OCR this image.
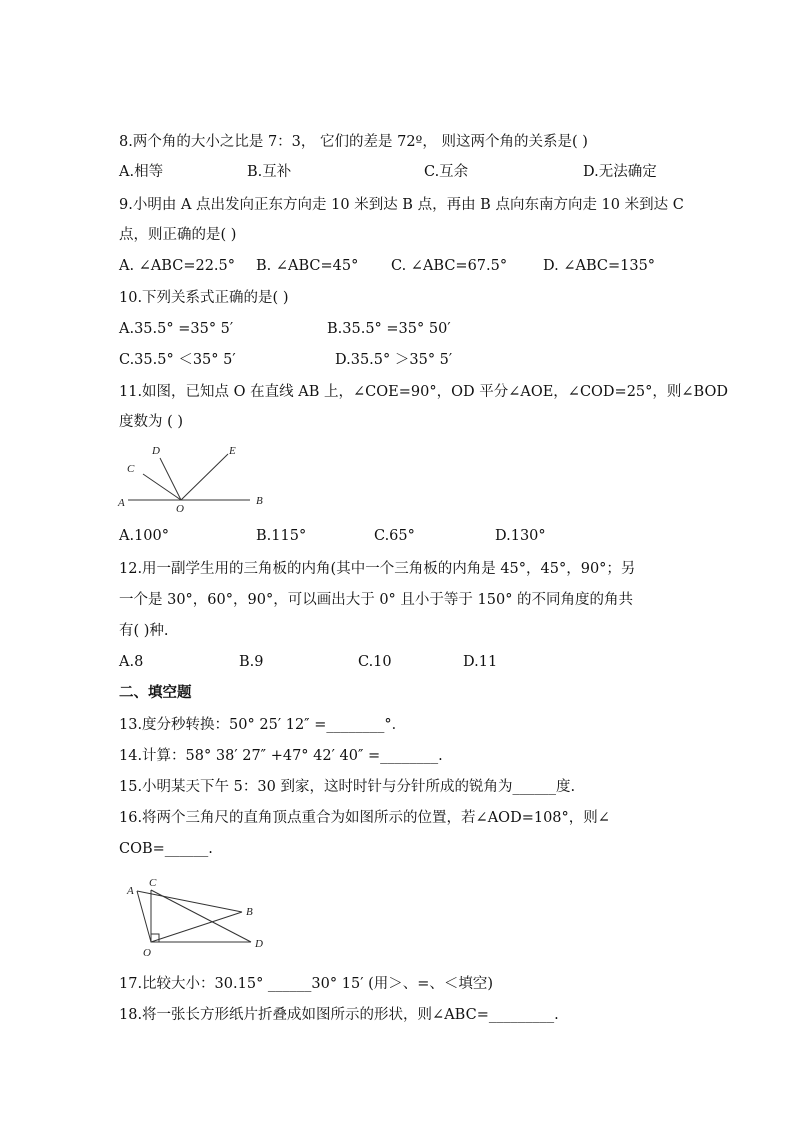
8.两个角的大小之比是 7：3， 它们的差是 72º， 则这两个角的关系是( )
A.相等	B.互补	C.互余	D.无法确定
9.小明由 A 点出发向正东方向走 10 米到达 B 点，再由 B 点向东南方向走 10 米到达 C
点，则正确的是( )
A. ∠ABC=22.5° B. ∠ABC=45° C. ∠ABC=67.5° D. ∠ABC=135°
10.下列关系式正确的是( )
A.35.5° =35° 5′	B.35.5° =35° 50′
C.35.5° ＜35° 5′	D.35.5° ＞35° 5′
11.如图，已知点 O 在直线 AB 上，∠COE=90°，OD 平分∠AOE，∠COD=25°，则∠BOD
度数为 ( )
A	B
C
D	E
O
A.100°	B.115°	C.65°	D.130°
12.用一副学生用的三角板的内角(其中一个三角板的内角是 45°，45°，90°；另
一个是 30°，60°，90°，可以画出大于 0° 且小于等于 150° 的不同角度的角共
有( )种.
A.8	B.9	C.10	D.11
二、填空题
13.度分秒转换：50° 25′ 12″ =________°．
14.计算：58° 38′ 27″ +47° 42′ 40″ =________.
15.小明某天下午 5：30 到家，这时时针与分针所成的锐角为______度.
16.将两个三角尺的直角顶点重合为如图所示的位置，若∠AOD=108°，则∠
COB=______.
A
C
B
O
D
17.比较大小：30.15° ______30° 15′ (用＞、=、＜填空)
18.将一张长方形纸片折叠成如图所示的形状，则∠ABC=_________.
